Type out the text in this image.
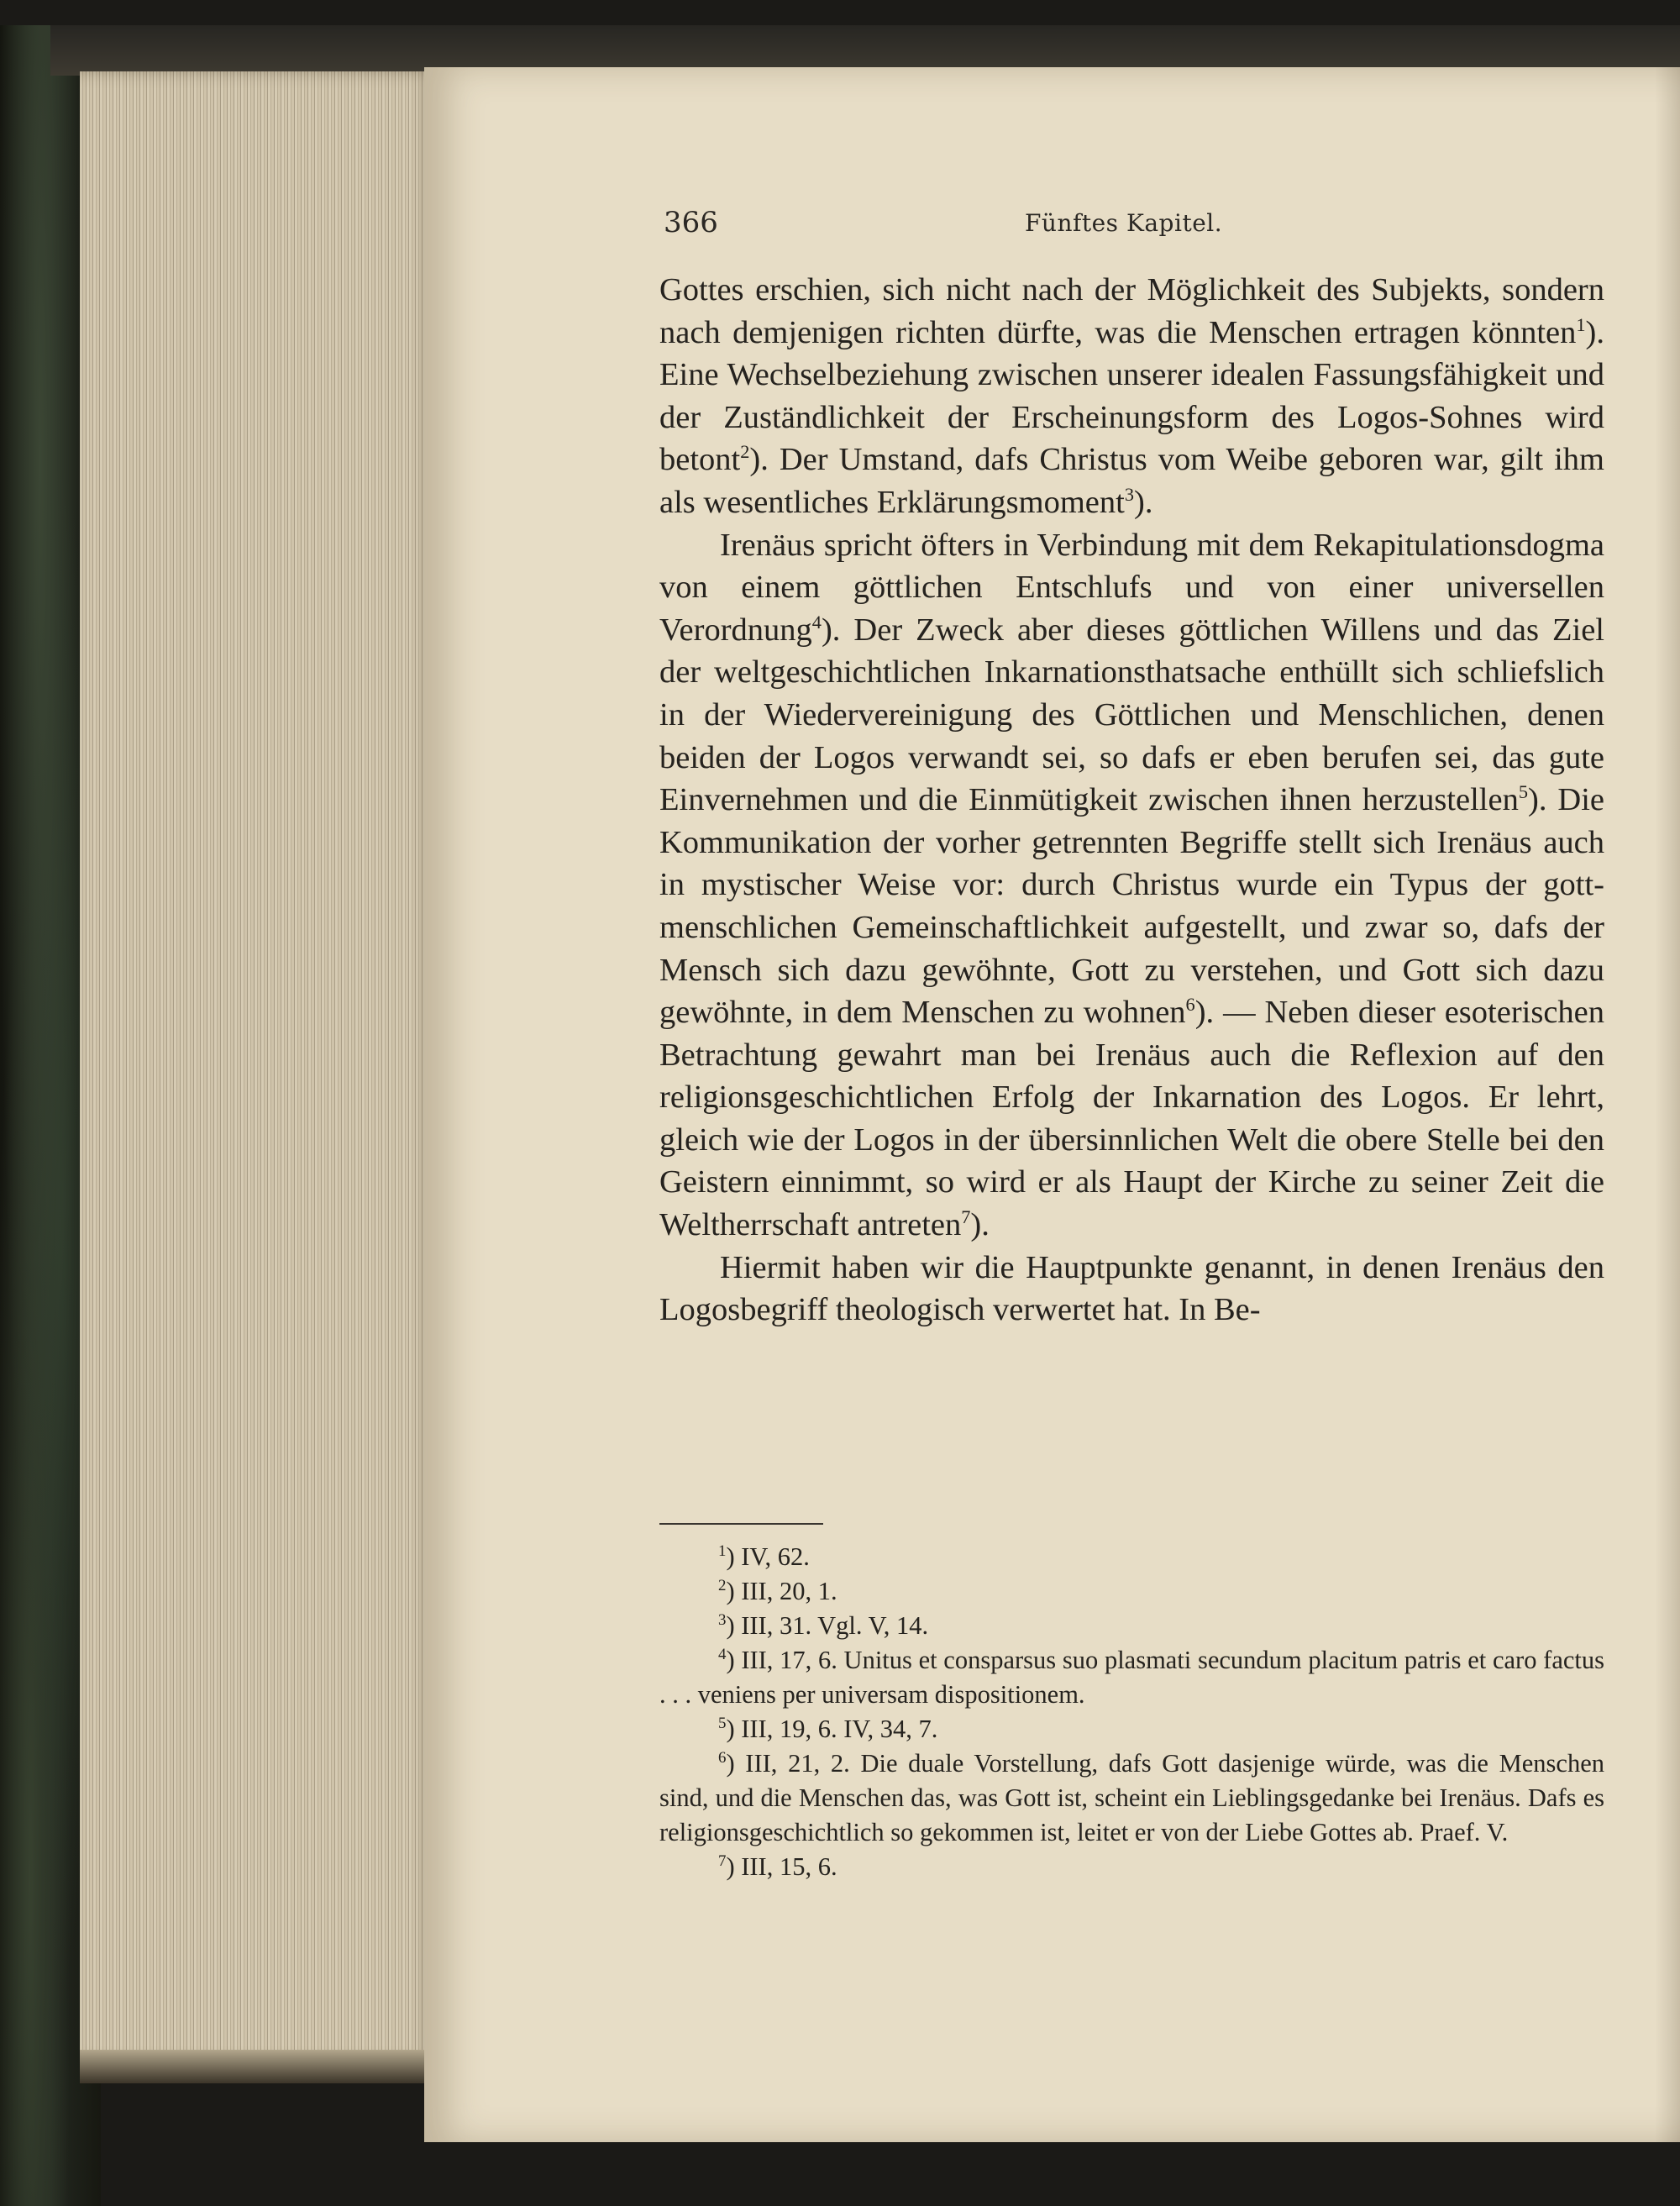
366	Fünftes Kapitel.

Gottes erschien, sich nicht nach der Möglichkeit des Subjekts, sondern nach demjenigen richten dürfte, was die Menschen ertragen könnten$^1$). Eine Wechselbeziehung zwischen unserer idealen Fassungsfähigkeit und der Zuständlichkeit der Erscheinungsform des Logos-Sohnes wird betont$^2$). Der Umstand, dafs Christus vom Weibe geboren war, gilt ihm als wesentliches Erklärungsmoment$^3$).

Irenäus spricht öfters in Verbindung mit dem Rekapitulationsdogma von einem göttlichen Entschlufs und von einer universellen Verordnung$^4$). Der Zweck aber dieses göttlichen Willens und das Ziel der weltgeschichtlichen Inkarnationsthatsache enthüllt sich schliefslich in der Wiedervereinigung des Göttlichen und Menschlichen, denen beiden der Logos verwandt sei, so dafs er eben berufen sei, das gute Einvernehmen und die Einmütigkeit zwischen ihnen herzustellen$^5$). Die Kommunikation der vorher getrennten Begriffe stellt sich Irenäus auch in mystischer Weise vor: durch Christus wurde ein Typus der gott-menschlichen Gemeinschaftlichkeit aufgestellt, und zwar so, dafs der Mensch sich dazu gewöhnte, Gott zu verstehen, und Gott sich dazu gewöhnte, in dem Menschen zu wohnen$^6$). — Neben dieser esoterischen Betrachtung gewahrt man bei Irenäus auch die Reflexion auf den religionsgeschichtlichen Erfolg der Inkarnation des Logos. Er lehrt, gleich wie der Logos in der übersinnlichen Welt die obere Stelle bei den Geistern einnimmt, so wird er als Haupt der Kirche zu seiner Zeit die Weltherrschaft antreten$^7$).

Hiermit haben wir die Hauptpunkte genannt, in denen Irenäus den Logosbegriff theologisch verwertet hat. In Be-

$^1$) IV, 62.

$^2$) III, 20, 1.

$^3$) III, 31. Vgl. V, 14.

$^4$) III, 17, 6. Unitus et consparsus suo plasmati secundum placitum patris et caro factus . . . veniens per universam dispositionem.

$^5$) III, 19, 6. IV, 34, 7.

$^6$) III, 21, 2. Die duale Vorstellung, dafs Gott dasjenige würde, was die Menschen sind, und die Menschen das, was Gott ist, scheint ein Lieblingsgedanke bei Irenäus. Dafs es religionsgeschichtlich so gekommen ist, leitet er von der Liebe Gottes ab. Praef. V.

$^7$) III, 15, 6.
